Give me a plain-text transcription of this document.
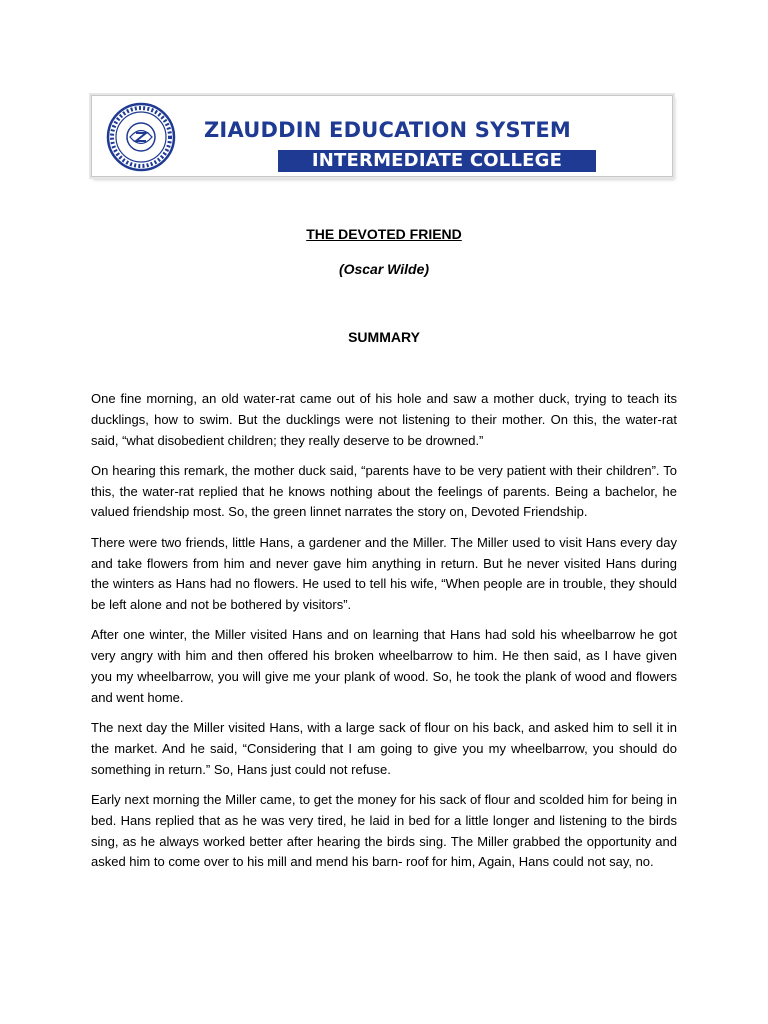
ZIAUDDIN EDUCATION SYSTEM
INTERMEDIATE COLLEGE
THE DEVOTED FRIEND
(Oscar Wilde)
SUMMARY

One fine morning, an old water-rat came out of his hole and saw a mother duck, trying to teach its ducklings, how to swim. But the ducklings were not listening to their mother. On this, the water-rat said, “what disobedient children; they really deserve to be drowned.”

On hearing this remark, the mother duck said, “parents have to be very patient with their children”. To this, the water-rat replied that he knows nothing about the feelings of parents. Being a bachelor, he valued friendship most. So, the green linnet narrates the story on, Devoted Friendship.

There were two friends, little Hans, a gardener and the Miller. The Miller used to visit Hans every day and take flowers from him and never gave him anything in return. But he never visited Hans during the winters as Hans had no flowers. He used to tell his wife, “When people are in trouble, they should be left alone and not be bothered by visitors”.

After one winter, the Miller visited Hans and on learning that Hans had sold his wheelbarrow he got very angry with him and then offered his broken wheelbarrow to him. He then said, as I have given you my wheelbarrow, you will give me your plank of wood. So, he took the plank of wood and flowers and went home.

The next day the Miller visited Hans, with a large sack of flour on his back, and asked him to sell it in the market. And he said, “Considering that I am going to give you my wheelbarrow, you should do something in return.” So, Hans just could not refuse.

Early next morning the Miller came, to get the money for his sack of flour and scolded him for being in bed. Hans replied that as he was very tired, he laid in bed for a little longer and listening to the birds sing, as he always worked better after hearing the birds sing. The Miller grabbed the opportunity and asked him to come over to his mill and mend his barn- roof for him, Again, Hans could not say, no.
